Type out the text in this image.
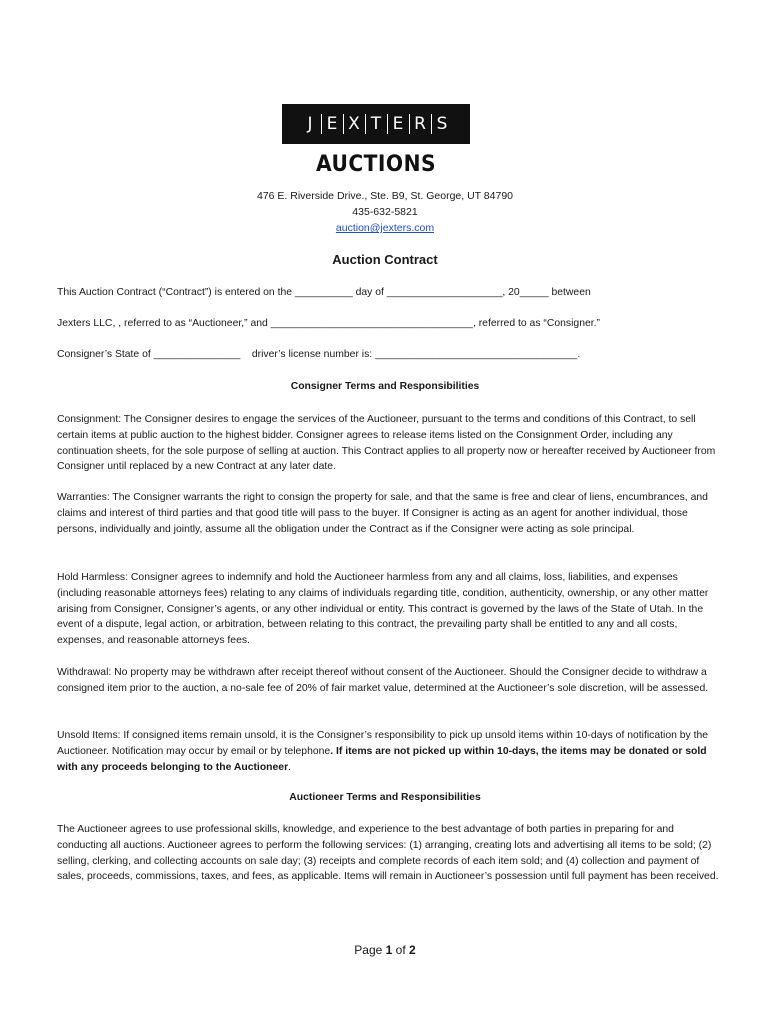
J E X T E R S
AUCTIONS
476 E. Riverside Drive., Ste. B9, St. George, UT 84790
435-632-5821
auction@jexters.com
Auction Contract
This Auction Contract (“Contract”) is entered on the __________ day of ____________________, 20_____ between
Jexters LLC, , referred to as “Auctioneer,” and ___________________________________, referred to as “Consigner.”
Consigner’s State of _______________    driver’s license number is: ___________________________________.
Consigner Terms and Responsibilities
Consignment: The Consigner desires to engage the services of the Auctioneer, pursuant to the terms and conditions of this Contract, to sell certain items at public auction to the highest bidder. Consigner agrees to release items listed on the Consignment Order, including any continuation sheets, for the sole purpose of selling at auction. This Contract applies to all property now or hereafter received by Auctioneer from Consigner until replaced by a new Contract at any later date.
Warranties: The Consigner warrants the right to consign the property for sale, and that the same is free and clear of liens, encumbrances, and claims and interest of third parties and that good title will pass to the buyer. If Consigner is acting as an agent for another individual, those persons, individually and jointly, assume all the obligation under the Contract as if the Consigner were acting as sole principal.
Hold Harmless: Consigner agrees to indemnify and hold the Auctioneer harmless from any and all claims, loss, liabilities, and expenses (including reasonable attorneys fees) relating to any claims of individuals regarding title, condition, authenticity, ownership, or any other matter arising from Consigner, Consigner’s agents, or any other individual or entity. This contract is governed by the laws of the State of Utah. In the event of a dispute, legal action, or arbitration, between relating to this contract, the prevailing party shall be entitled to any and all costs, expenses, and reasonable attorneys fees.
Withdrawal: No property may be withdrawn after receipt thereof without consent of the Auctioneer. Should the Consigner decide to withdraw a consigned item prior to the auction, a no-sale fee of 20% of fair market value, determined at the Auctioneer’s sole discretion, will be assessed.
Unsold Items: If consigned items remain unsold, it is the Consigner’s responsibility to pick up unsold items within 10-days of notification by the Auctioneer. Notification may occur by email or by telephone. If items are not picked up within 10-days, the items may be donated or sold with any proceeds belonging to the Auctioneer.
Auctioneer Terms and Responsibilities
The Auctioneer agrees to use professional skills, knowledge, and experience to the best advantage of both parties in preparing for and conducting all auctions. Auctioneer agrees to perform the following services: (1) arranging, creating lots and advertising all items to be sold; (2) selling, clerking, and collecting accounts on sale day; (3) receipts and complete records of each item sold; and (4) collection and payment of sales, proceeds, commissions, taxes, and fees, as applicable. Items will remain in Auctioneer’s possession until full payment has been received.
Page 1 of 2
